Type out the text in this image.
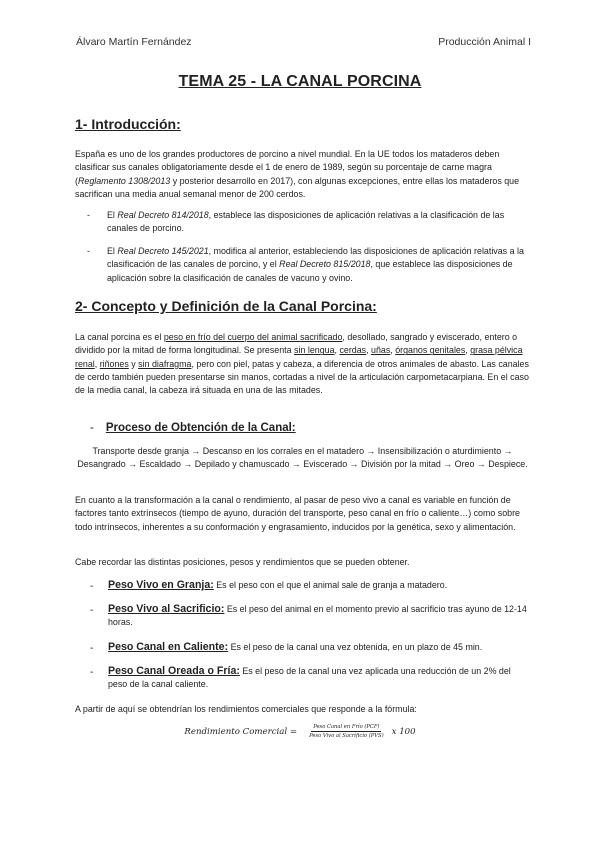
Álvaro Martín Fernández	Producción Animal I
TEMA 25 - LA CANAL PORCINA
1- Introducción:
España es uno de los grandes productores de porcino a nivel mundial. En la UE todos los mataderos deben clasificar sus canales obligatoriamente desde el 1 de enero de 1989, según su porcentaje de carne magra (Reglamento 1308/2013 y posterior desarrollo en 2017), con algunas excepciones, entre ellas los mataderos que sacrifican una media anual semanal menor de 200 cerdos.
- El Real Decreto 814/2018, establece las disposiciones de aplicación relativas a la clasificación de las canales de porcino.
- El Real Decreto 145/2021, modifica al anterior, estableciendo las disposiciones de aplicación relativas a la clasificación de las canales de porcino, y el Real Decreto 815/2018, que establece las disposiciones de aplicación sobre la clasificación de canales de vacuno y ovino.
2- Concepto y Definición de la Canal Porcina:
La canal porcina es el peso en frío del cuerpo del animal sacrificado, desollado, sangrado y eviscerado, entero o dividido por la mitad de forma longitudinal. Se presenta sin lengua, cerdas, uñas, órganos genitales, grasa pélvica renal, riñones y sin diafragma, pero con piel, patas y cabeza, a diferencia de otros animales de abasto. Las canales de cerdo también pueden presentarse sin manos, cortadas a nivel de la articulación carpometacarpiana. En el caso de la media canal, la cabeza irá situada en una de las mitades.
- Proceso de Obtención de la Canal:
Transporte desde granja → Descanso en los corrales en el matadero → Insensibilización o aturdimiento → Desangrado → Escaldado → Depilado y chamuscado → Eviscerado → División por la mitad → Oreo → Despiece.
En cuanto a la transformación a la canal o rendimiento, al pasar de peso vivo a canal es variable en función de factores tanto extrínsecos (tiempo de ayuno, duración del transporte, peso canal en frío o caliente…) como sobre todo intrínsecos, inherentes a su conformación y engrasamiento, inducidos por la genética, sexo y alimentación.
Cabe recordar las distintas posiciones, pesos y rendimientos que se pueden obtener.
- Peso Vivo en Granja: Es el peso con el que el animal sale de granja a matadero.
- Peso Vivo al Sacrificio: Es el peso del animal en el momento previo al sacrificio tras ayuno de 12-14 horas.
- Peso Canal en Caliente: Es el peso de la canal una vez obtenida, en un plazo de 45 min.
- Peso Canal Oreada o Fría: Es el peso de la canal una vez aplicada una reducción de un 2% del peso de la canal caliente.
A partir de aquí se obtendrían los rendimientos comerciales que responde a la fórmula:
Rendimiento Comercial = $\frac{\text{Peso Canal en Frío (PCF)}}{\text{Peso Vivo al Sacrificio (PVS)}}$ x 100
